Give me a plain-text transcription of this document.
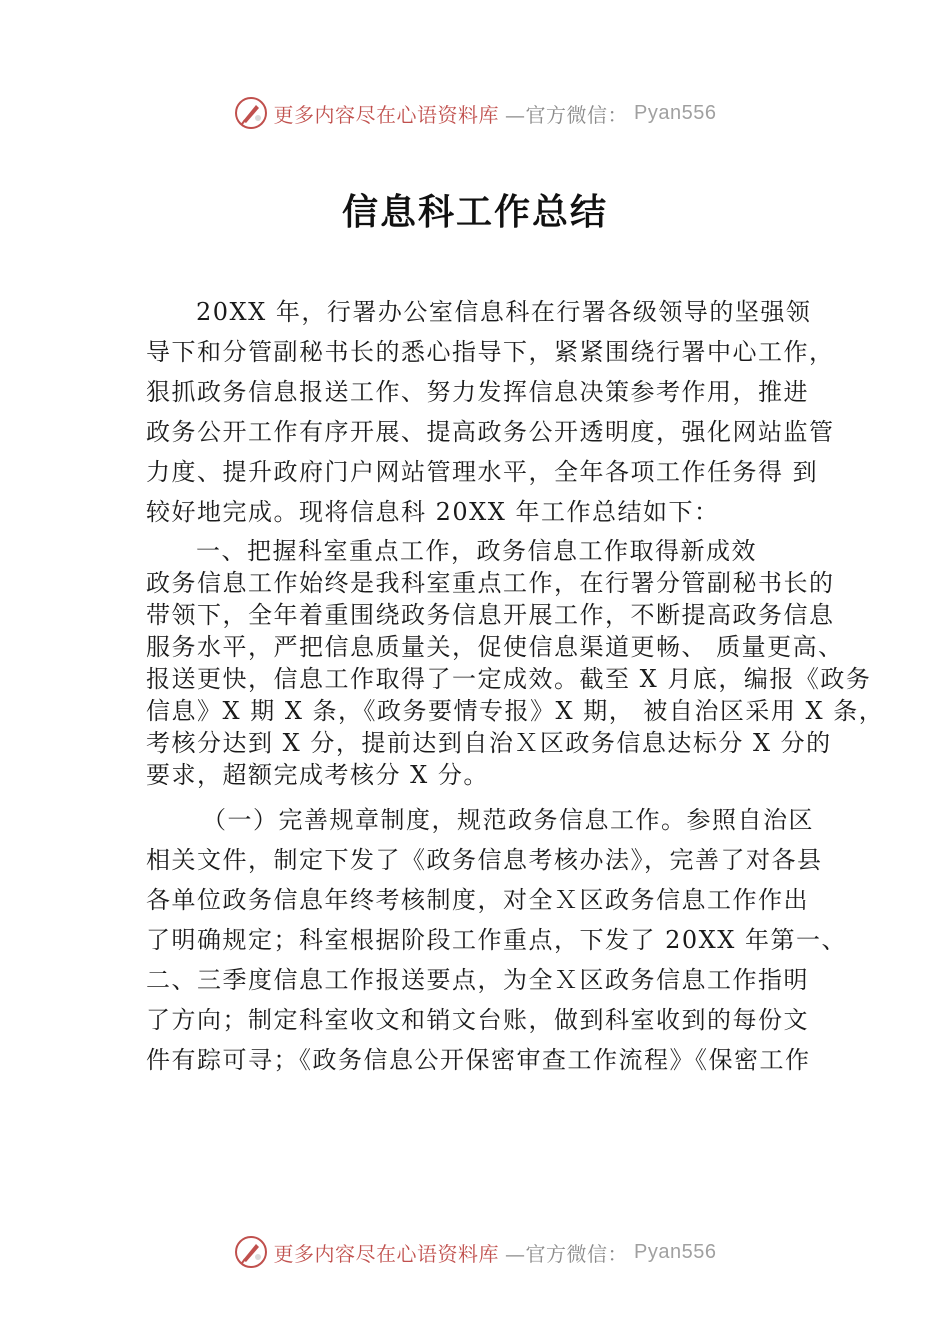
更多内容尽在心语资料库 —官方微信： Pyan556
信息科工作总结
20XX 年，行署办公室信息科在行署各级领导的坚强领
导下和分管副秘书长的悉心指导下，紧紧围绕行署中心工作，
狠抓政务信息报送工作、努力发挥信息决策参考作用，推进
政务公开工作有序开展、提高政务公开透明度，强化网站监管
力度、提升政府门户网站管理水平，全年各项工作任务得 到
较好地完成。现将信息科 20XX 年工作总结如下：
一、把握科室重点工作，政务信息工作取得新成效
政务信息工作始终是我科室重点工作，在行署分管副秘书长的
带领下，全年着重围绕政务信息开展工作，不断提高政务信息
服务水平，严把信息质量关，促使信息渠道更畅、 质量更高、
报送更快，信息工作取得了一定成效。截至 X 月底，编报《政务
信息》X 期 X 条，《政务要情专报》X 期， 被自治区采用 X 条，
考核分达到 X 分，提前达到自治Ｘ区政务信息达标分 X 分的
要求，超额完成考核分 X 分。
（一）完善规章制度，规范政务信息工作。参照自治区
相关文件，制定下发了《政务信息考核办法》，完善了对各县
各单位政务信息年终考核制度，对全Ｘ区政务信息工作作出
了明确规定；科室根据阶段工作重点，下发了 20XX 年第一、
二、三季度信息工作报送要点，为全Ｘ区政务信息工作指明
了方向；制定科室收文和销文台账，做到科室收到的每份文
件有踪可寻；《政务信息公开保密审查工作流程》《保密工作
更多内容尽在心语资料库 —官方微信： Pyan556
